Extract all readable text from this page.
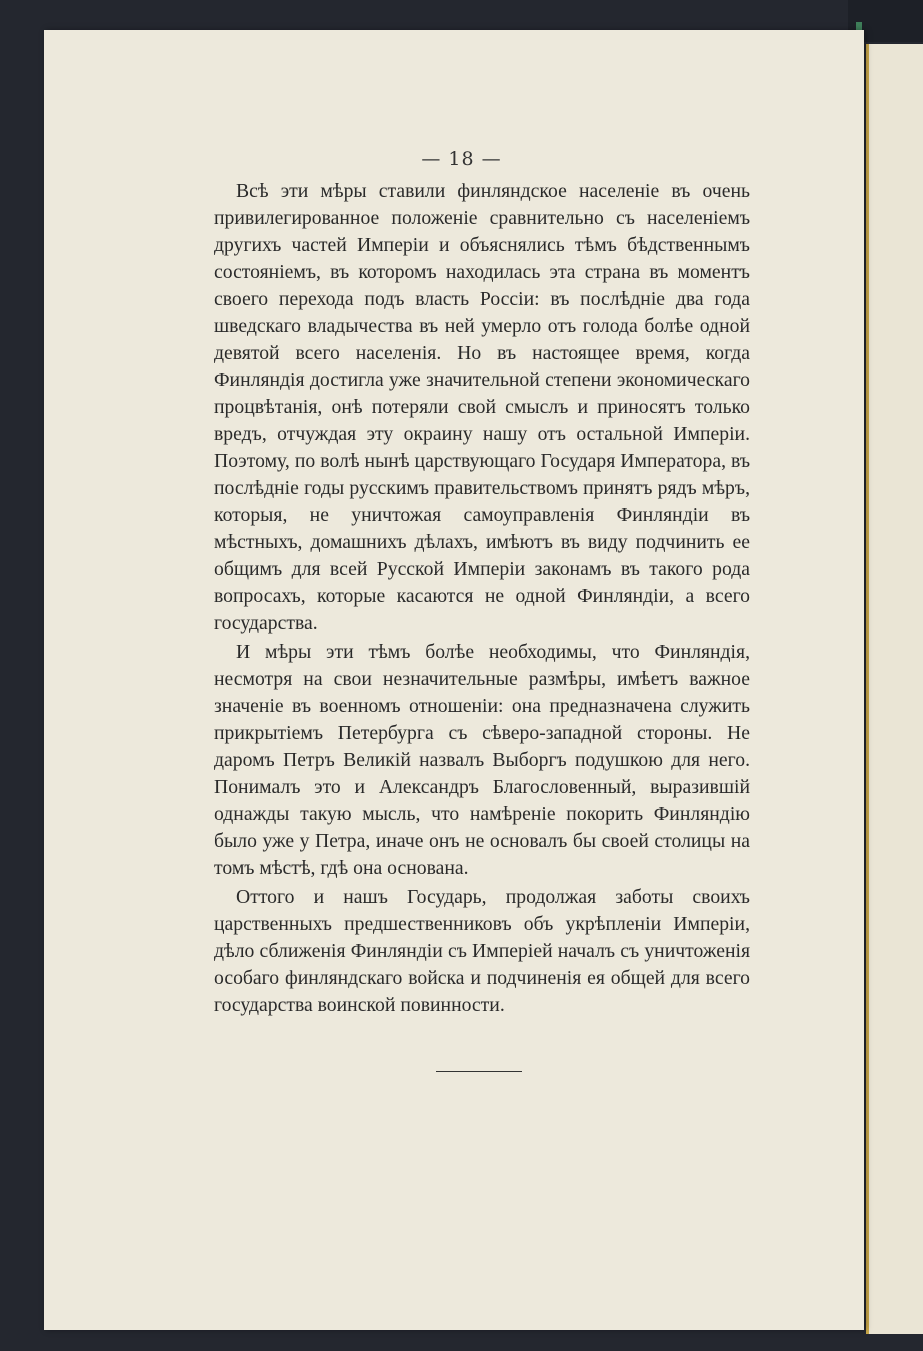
— 18 —

Всѣ эти мѣры ставили финляндское населеніе въ очень привилегированное положеніе сравнительно съ населеніемъ другихъ частей Имперіи и объяснялись тѣмъ бѣдственнымъ состояніемъ, въ которомъ находилась эта страна въ моментъ своего перехода подъ власть Россіи: въ послѣдніе два года шведскаго владычества въ ней умерло отъ голода болѣе одной девятой всего населенія. Но въ настоящее время, когда Финляндія достигла уже значительной степени экономическаго процвѣтанія, онѣ потеряли свой смыслъ и приносятъ только вредъ, отчуждая эту окраину нашу отъ остальной Имперіи. Поэтому, по волѣ нынѣ царствующаго Государя Императора, въ послѣдніе годы русскимъ правительствомъ принятъ рядъ мѣръ, которыя, не уничтожая самоуправленія Финляндіи въ мѣстныхъ, домашнихъ дѣлахъ, имѣютъ въ виду подчинить ее общимъ для всей Русской Имперіи законамъ въ такого рода вопросахъ, которые касаются не одной Финляндіи, а всего государства.

И мѣры эти тѣмъ болѣе необходимы, что Финляндія, несмотря на свои незначительные размѣры, имѣетъ важное значеніе въ военномъ отношеніи: она предназначена служить прикрытіемъ Петербурга съ сѣверо-западной стороны. Не даромъ Петръ Великій назвалъ Выборгъ подушкою для него. Понималъ это и Александръ Благословенный, выразившій однажды такую мысль, что намѣреніе покорить Финляндію было уже у Петра, иначе онъ не основалъ бы своей столицы на томъ мѣстѣ, гдѣ она основана.

Оттого и нашъ Государь, продолжая заботы своихъ царственныхъ предшественниковъ объ укрѣпленіи Имперіи, дѣло сближенія Финляндіи съ Имперіей началъ съ уничтоженія особаго финляндскаго войска и подчиненія ея общей для всего государства воинской повинности.
